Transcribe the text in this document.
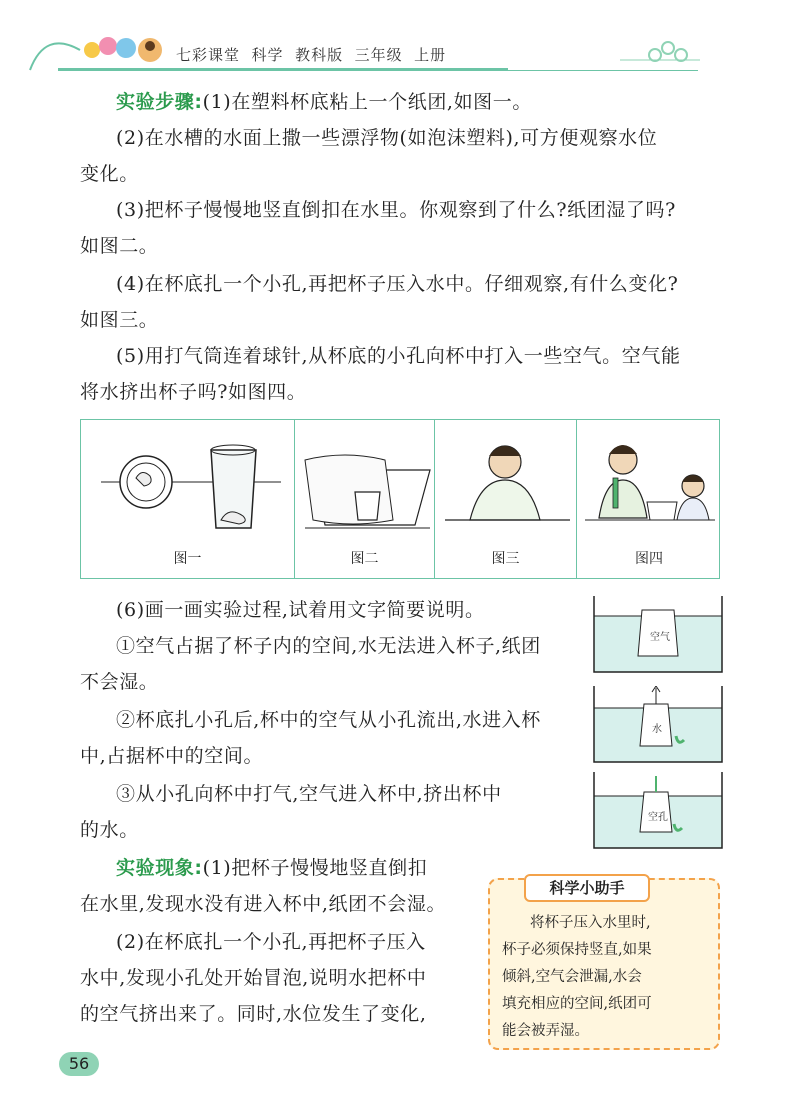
七彩课堂  科学  教科版  三年级  上册
实验步骤:(1)在塑料杯底粘上一个纸团,如图一。
(2)在水槽的水面上撒一些漂浮物(如泡沫塑料),可方便观察水位
变化。
(3)把杯子慢慢地竖直倒扣在水里。你观察到了什么?纸团湿了吗?
如图二。
(4)在杯底扎一个小孔,再把杯子压入水中。仔细观察,有什么变化?
如图三。
(5)用打气筒连着球针,从杯底的小孔向杯中打入一些空气。空气能
将水挤出杯子吗?如图四。
图一	图二	图三	图四
(6)画一画实验过程,试着用文字简要说明。
①空气占据了杯子内的空间,水无法进入杯子,纸团
不会湿。
②杯底扎小孔后,杯中的空气从小孔流出,水进入杯
中,占据杯中的空间。
③从小孔向杯中打气,空气进入杯中,挤出杯中
的水。
空气
水
空孔
实验现象:(1)把杯子慢慢地竖直倒扣
在水里,发现水没有进入杯中,纸团不会湿。
(2)在杯底扎一个小孔,再把杯子压入
水中,发现小孔处开始冒泡,说明水把杯中
的空气挤出来了。同时,水位发生了变化,
科学小助手
将杯子压入水里时,
杯子必须保持竖直,如果
倾斜,空气会泄漏,水会
填充相应的空间,纸团可
能会被弄湿。
56
